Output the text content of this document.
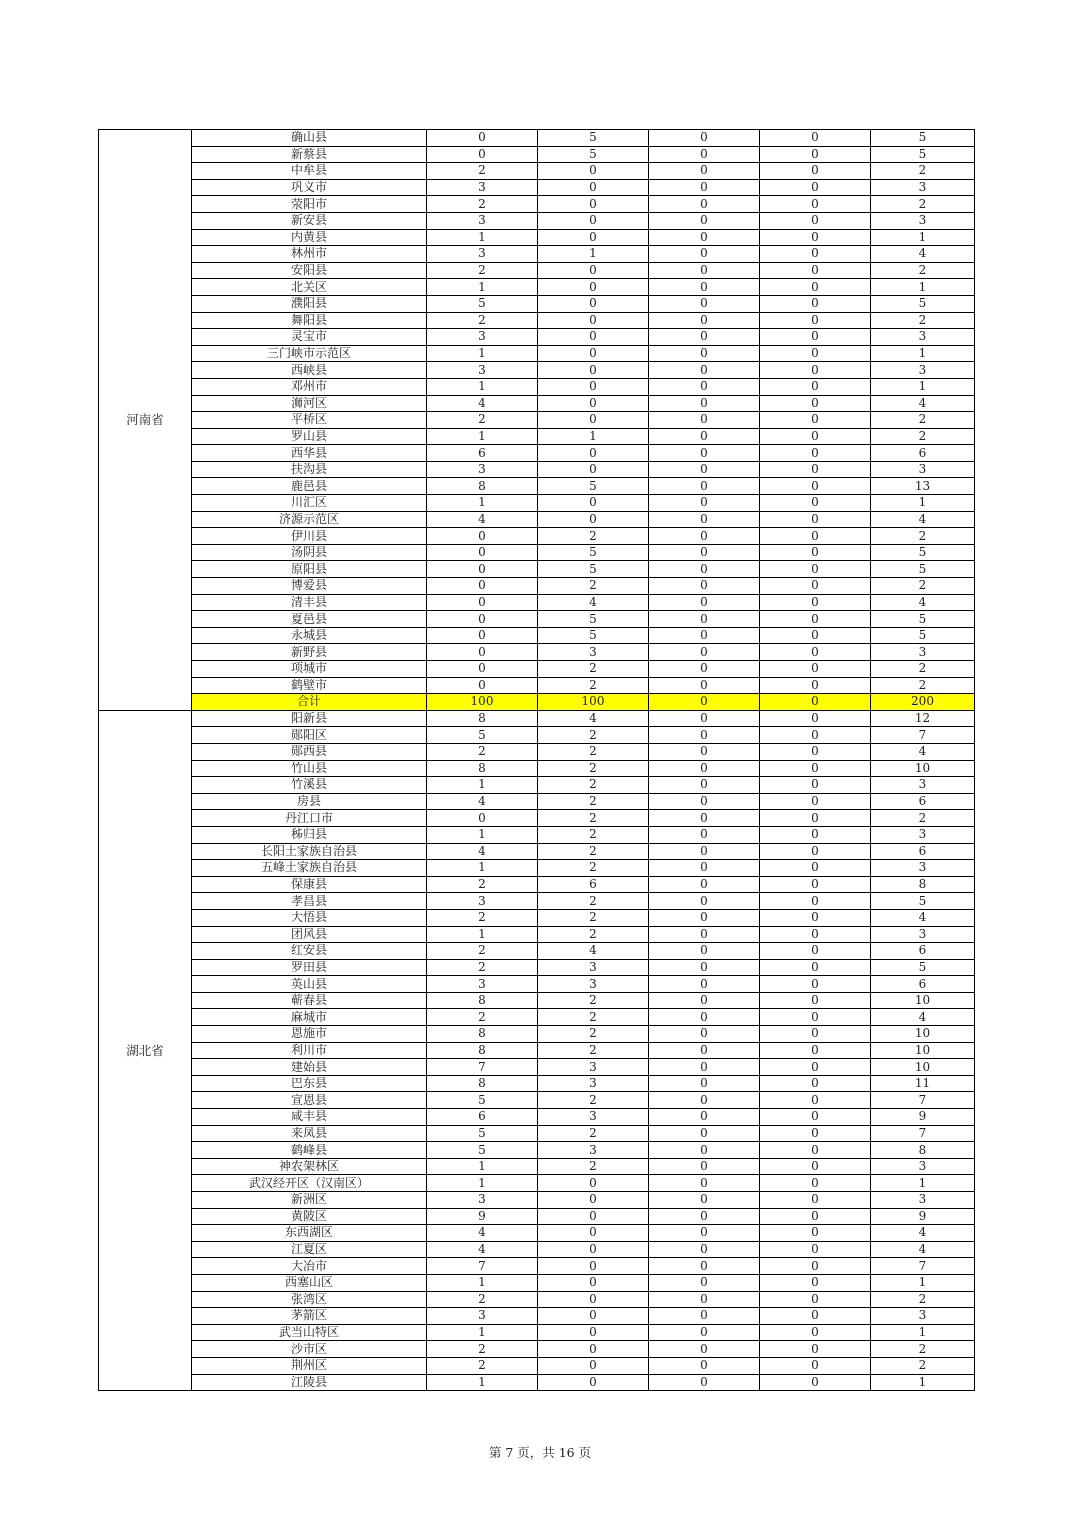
河南省	确山县	0	5	0	0	5
	新蔡县	0	5	0	0	5
	中牟县	2	0	0	0	2
	巩义市	3	0	0	0	3
	荥阳市	2	0	0	0	2
	新安县	3	0	0	0	3
	内黄县	1	0	0	0	1
	林州市	3	1	0	0	4
	安阳县	2	0	0	0	2
	北关区	1	0	0	0	1
	濮阳县	5	0	0	0	5
	舞阳县	2	0	0	0	2
	灵宝市	3	0	0	0	3
	三门峡市示范区	1	0	0	0	1
	西峡县	3	0	0	0	3
	邓州市	1	0	0	0	1
	浉河区	4	0	0	0	4
	平桥区	2	0	0	0	2
	罗山县	1	1	0	0	2
	西华县	6	0	0	0	6
	扶沟县	3	0	0	0	3
	鹿邑县	8	5	0	0	13
	川汇区	1	0	0	0	1
	济源示范区	4	0	0	0	4
	伊川县	0	2	0	0	2
	汤阴县	0	5	0	0	5
	原阳县	0	5	0	0	5
	博爱县	0	2	0	0	2
	清丰县	0	4	0	0	4
	夏邑县	0	5	0	0	5
	永城县	0	5	0	0	5
	新野县	0	3	0	0	3
	项城市	0	2	0	0	2
	鹤壁市	0	2	0	0	2
	合计	100	100	0	0	200
湖北省	阳新县	8	4	0	0	12
	郧阳区	5	2	0	0	7
	郧西县	2	2	0	0	4
	竹山县	8	2	0	0	10
	竹溪县	1	2	0	0	3
	房县	4	2	0	0	6
	丹江口市	0	2	0	0	2
	秭归县	1	2	0	0	3
	长阳土家族自治县	4	2	0	0	6
	五峰土家族自治县	1	2	0	0	3
	保康县	2	6	0	0	8
	孝昌县	3	2	0	0	5
	大悟县	2	2	0	0	4
	团风县	1	2	0	0	3
	红安县	2	4	0	0	6
	罗田县	2	3	0	0	5
	英山县	3	3	0	0	6
	蕲春县	8	2	0	0	10
	麻城市	2	2	0	0	4
	恩施市	8	2	0	0	10
	利川市	8	2	0	0	10
	建始县	7	3	0	0	10
	巴东县	8	3	0	0	11
	宣恩县	5	2	0	0	7
	咸丰县	6	3	0	0	9
	来凤县	5	2	0	0	7
	鹤峰县	5	3	0	0	8
	神农架林区	1	2	0	0	3
	武汉经开区（汉南区）	1	0	0	0	1
	新洲区	3	0	0	0	3
	黄陂区	9	0	0	0	9
	东西湖区	4	0	0	0	4
	江夏区	4	0	0	0	4
	大冶市	7	0	0	0	7
	西塞山区	1	0	0	0	1
	张湾区	2	0	0	0	2
	茅箭区	3	0	0	0	3
	武当山特区	1	0	0	0	1
	沙市区	2	0	0	0	2
	荆州区	2	0	0	0	2
	江陵县	1	0	0	0	1
第 7 页，共 16 页
